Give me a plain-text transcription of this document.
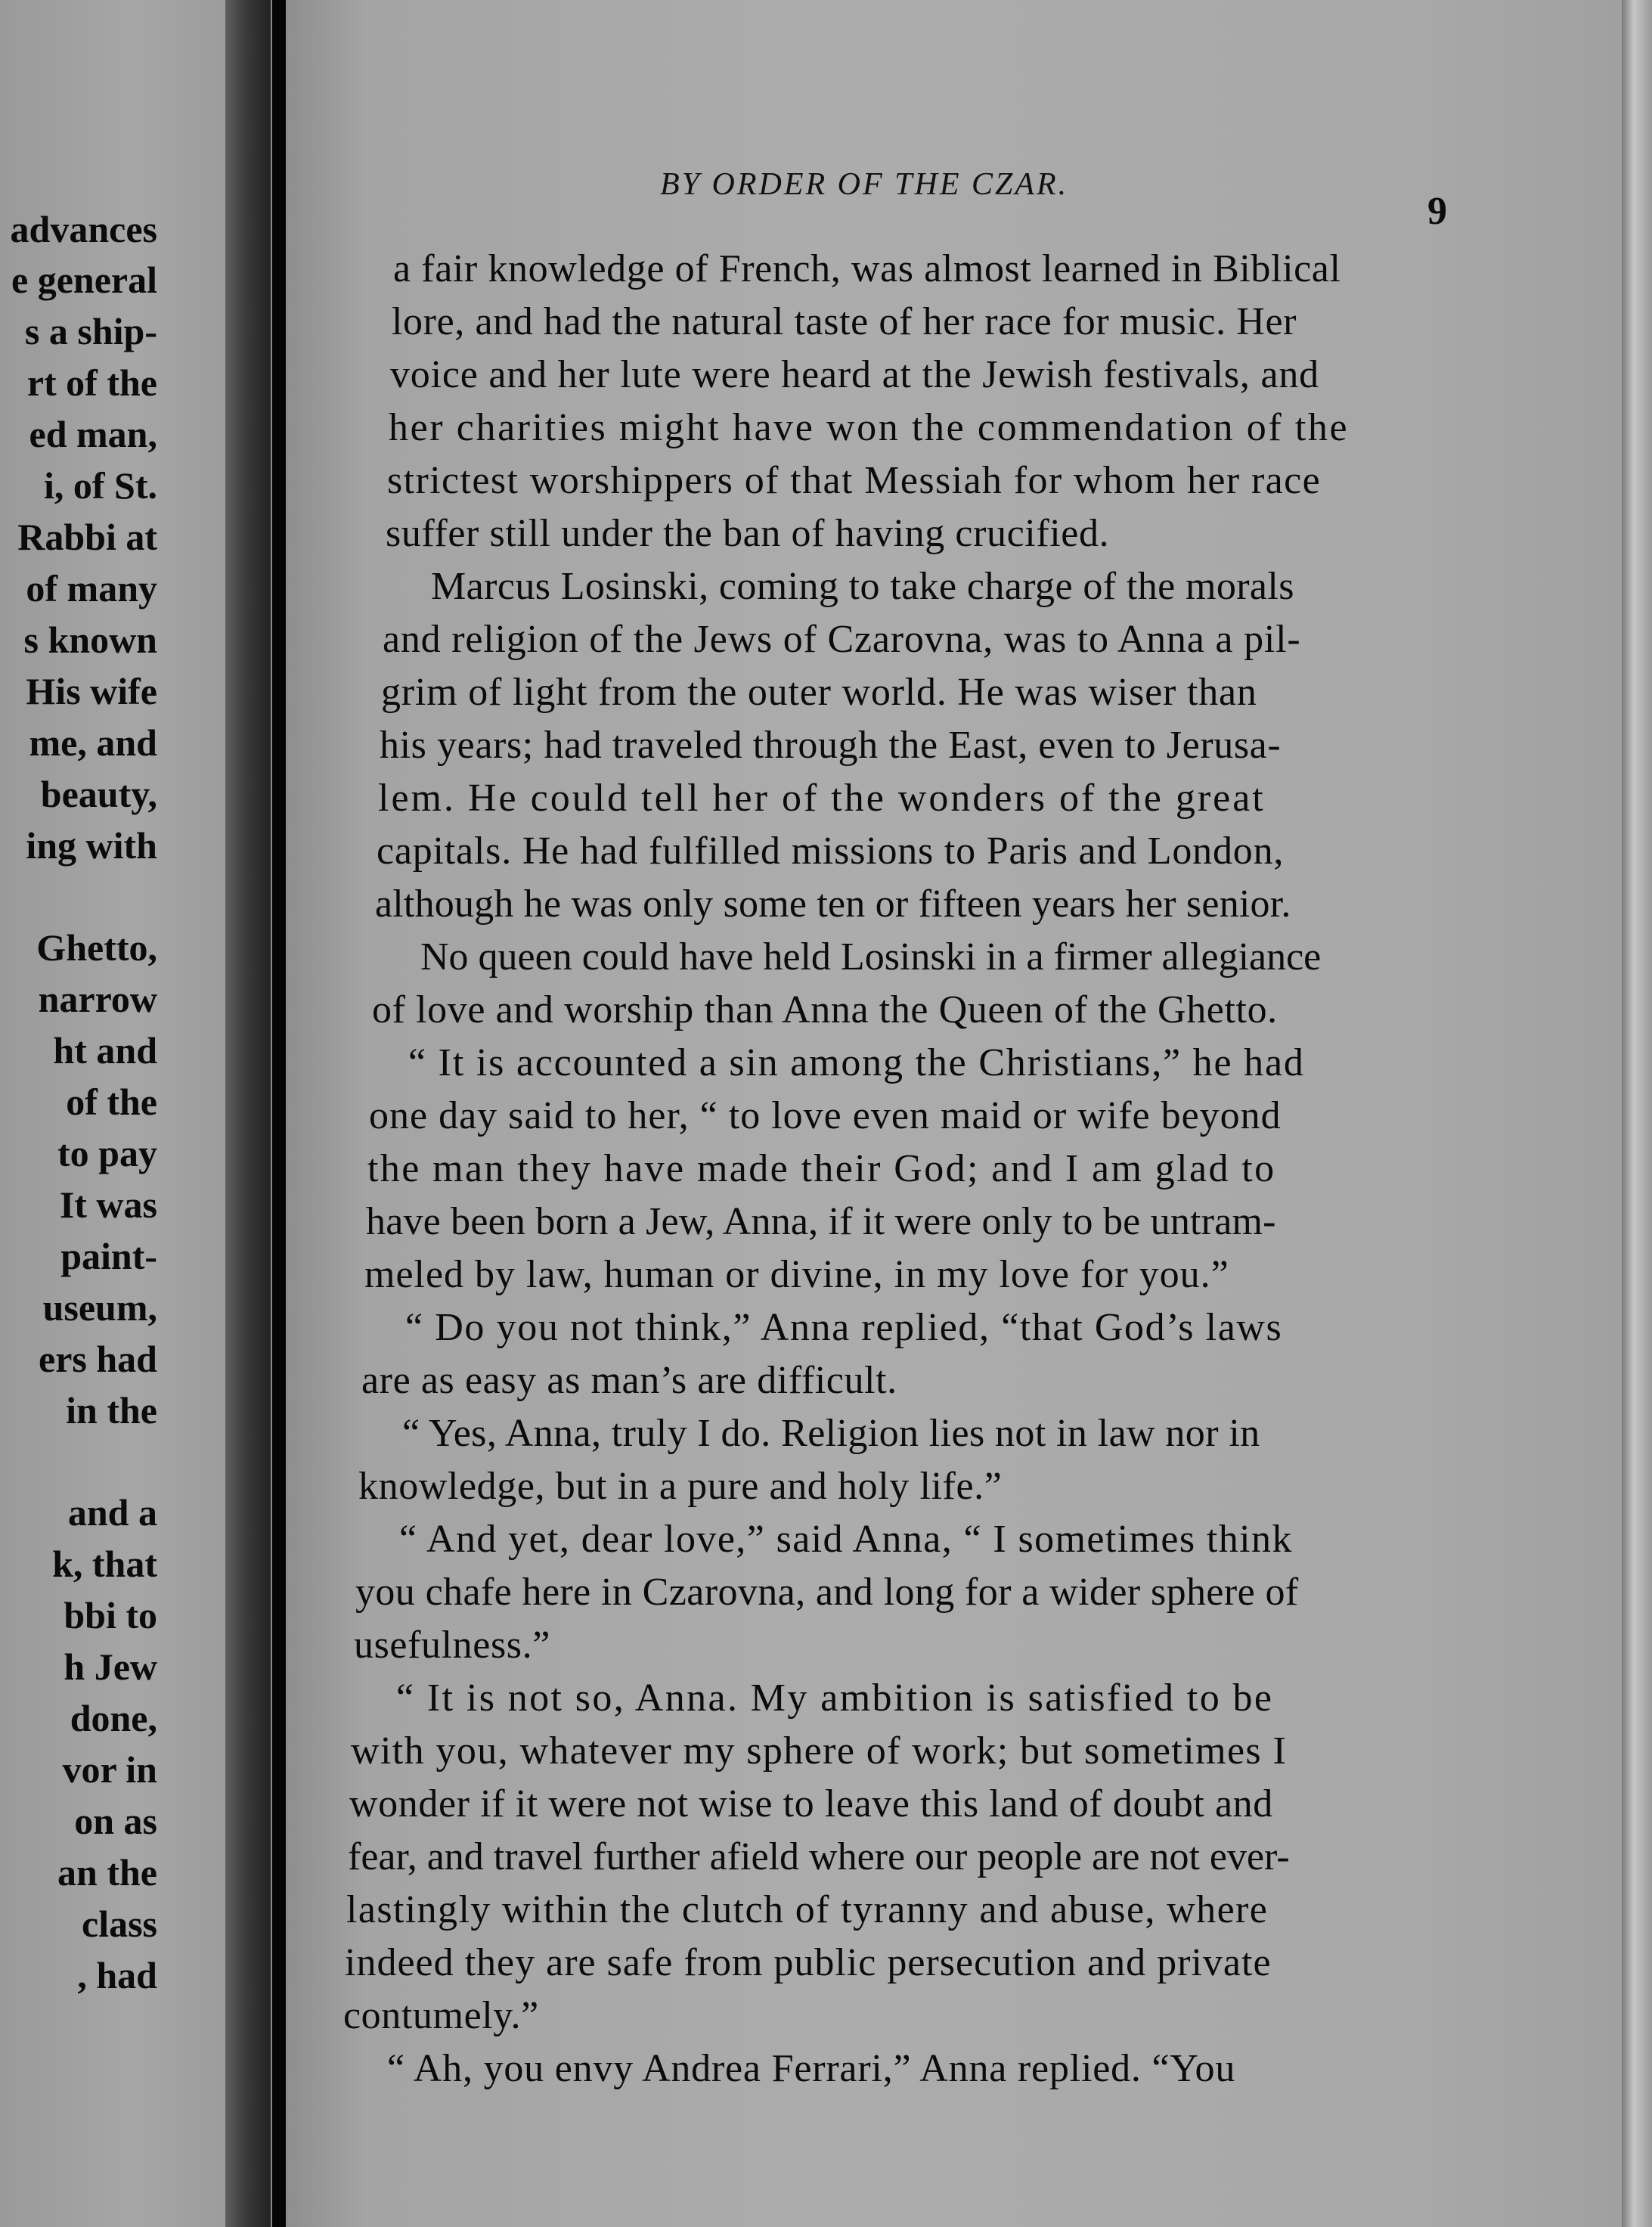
advances

e general

s a ship-

rt of the

ed man,

i, of St.

Rabbi at

of many

s known

His wife

me, and

beauty,

ing with

Ghetto,

narrow

ht and

of the

to pay

It was

paint-

useum,

ers had

in the

and a

k, that

bbi to

h Jew

done,

vor in

on as

an the

class

, had

BY ORDER OF THE CZAR.
9

a fair knowledge of French, was almost learned in Biblical

lore, and had the natural taste of her race for music. Her

voice and her lute were heard at the Jewish festivals, and

her charities might have won the commendation of the

strictest worshippers of that Messiah for whom her race

suffer still under the ban of having crucified.

Marcus Losinski, coming to take charge of the morals

and religion of the Jews of Czarovna, was to Anna a pil-

grim of light from the outer world. He was wiser than

his years; had traveled through the East, even to Jerusa-

lem. He could tell her of the wonders of the great

capitals. He had fulfilled missions to Paris and London,

although he was only some ten or fifteen years her senior.

No queen could have held Losinski in a firmer allegiance

of love and worship than Anna the Queen of the Ghetto.

“ It is accounted a sin among the Christians,” he had

one day said to her, “ to love even maid or wife beyond

the man they have made their God; and I am glad to

have been born a Jew, Anna, if it were only to be untram-

meled by law, human or divine, in my love for you.”

“ Do you not think,” Anna replied, “that God’s laws

are as easy as man’s are difficult.

“ Yes, Anna, truly I do. Religion lies not in law nor in

knowledge, but in a pure and holy life.”

“ And yet, dear love,” said Anna, “ I sometimes think

you chafe here in Czarovna, and long for a wider sphere of

usefulness.”

“ It is not so, Anna. My ambition is satisfied to be

with you, whatever my sphere of work; but sometimes I

wonder if it were not wise to leave this land of doubt and

fear, and travel further afield where our people are not ever-

lastingly within the clutch of tyranny and abuse, where

indeed they are safe from public persecution and private

contumely.”

“ Ah, you envy Andrea Ferrari,” Anna replied. “You
